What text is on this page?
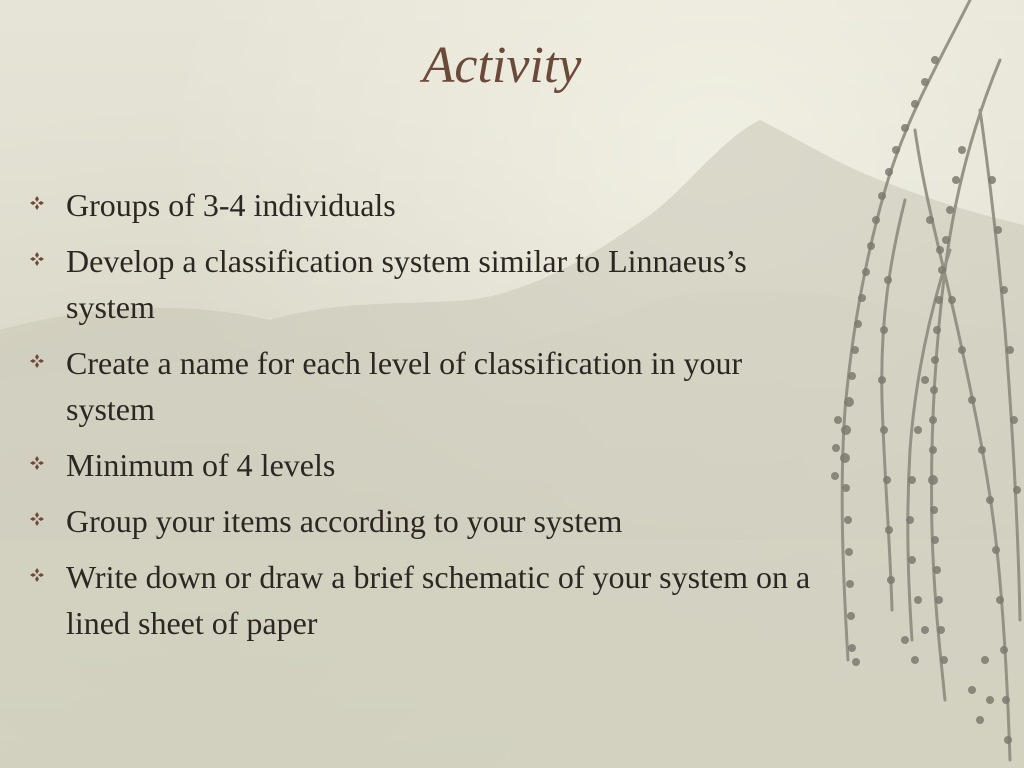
Activity
Groups of 3-4 individuals
Develop a classification system similar to Linnaeus’s system
Create a name for each level of classification in your system
Minimum of 4 levels
Group your items according to your system
Write down or draw a brief schematic of your system on a lined sheet of paper
